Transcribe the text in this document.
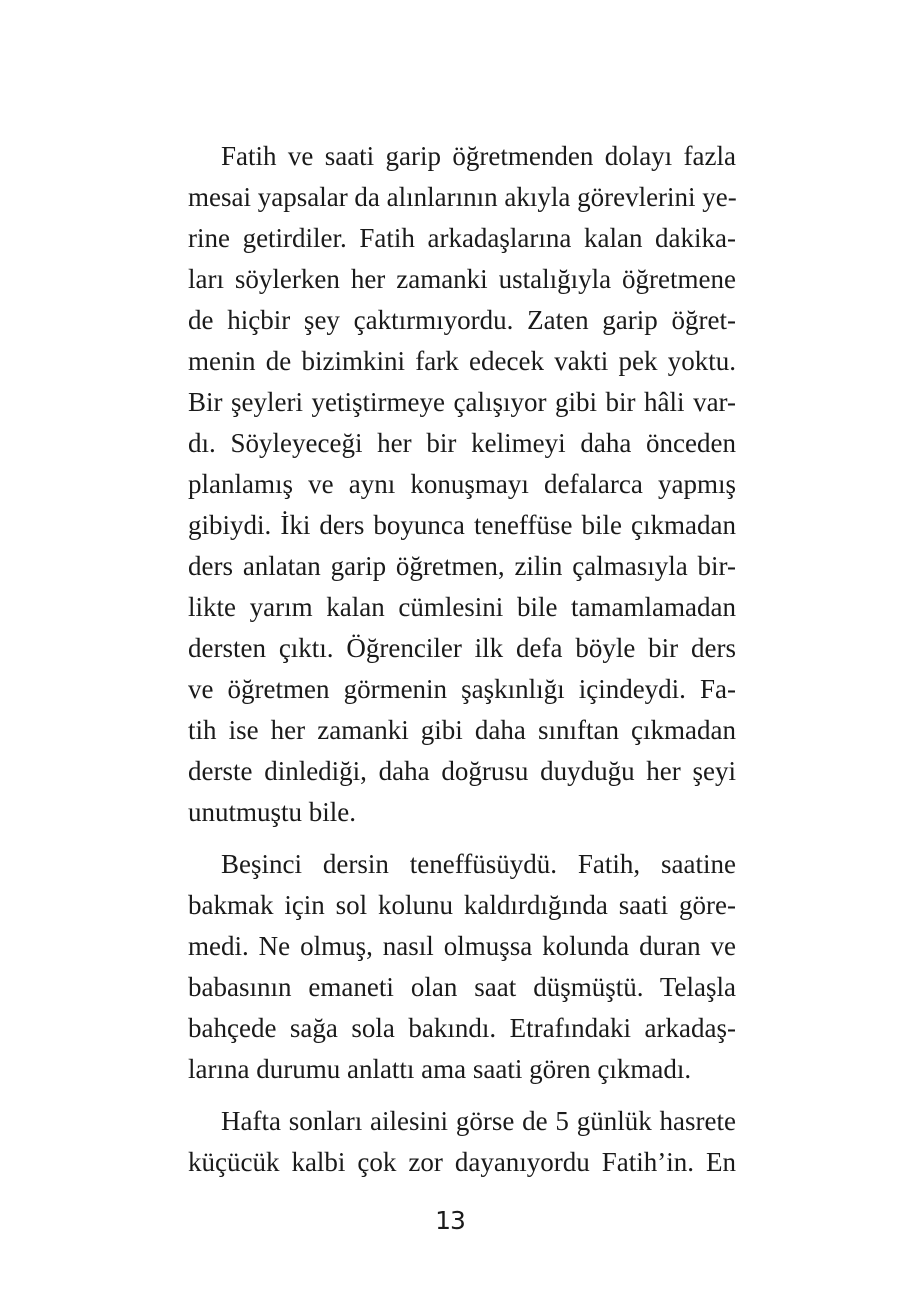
Fatih ve saati garip öğretmenden dolayı fazla
mesai yapsalar da alınlarının akıyla görevlerini ye-
rine getirdiler. Fatih arkadaşlarına kalan dakika-
ları söylerken her zamanki ustalığıyla öğretmene
de hiçbir şey çaktırmıyordu. Zaten garip öğret-
menin de bizimkini fark edecek vakti pek yoktu.
Bir şeyleri yetiştirmeye çalışıyor gibi bir hâli var-
dı. Söyleyeceği her bir kelimeyi daha önceden
planlamış ve aynı konuşmayı defalarca yapmış
gibiydi. İki ders boyunca teneffüse bile çıkmadan
ders anlatan garip öğretmen, zilin çalmasıyla bir-
likte yarım kalan cümlesini bile tamamlamadan
dersten çıktı. Öğrenciler ilk defa böyle bir ders
ve öğretmen görmenin şaşkınlığı içindeydi. Fa-
tih ise her zamanki gibi daha sınıftan çıkmadan
derste dinlediği, daha doğrusu duyduğu her şeyi
unutmuştu bile.
Beşinci dersin teneffüsüydü. Fatih, saatine
bakmak için sol kolunu kaldırdığında saati göre-
medi. Ne olmuş, nasıl olmuşsa kolunda duran ve
babasının emaneti olan saat düşmüştü. Telaşla
bahçede sağa sola bakındı. Etrafındaki arkadaş-
larına durumu anlattı ama saati gören çıkmadı.
Hafta sonları ailesini görse de 5 günlük hasrete
küçücük kalbi çok zor dayanıyordu Fatih’in. En
13
